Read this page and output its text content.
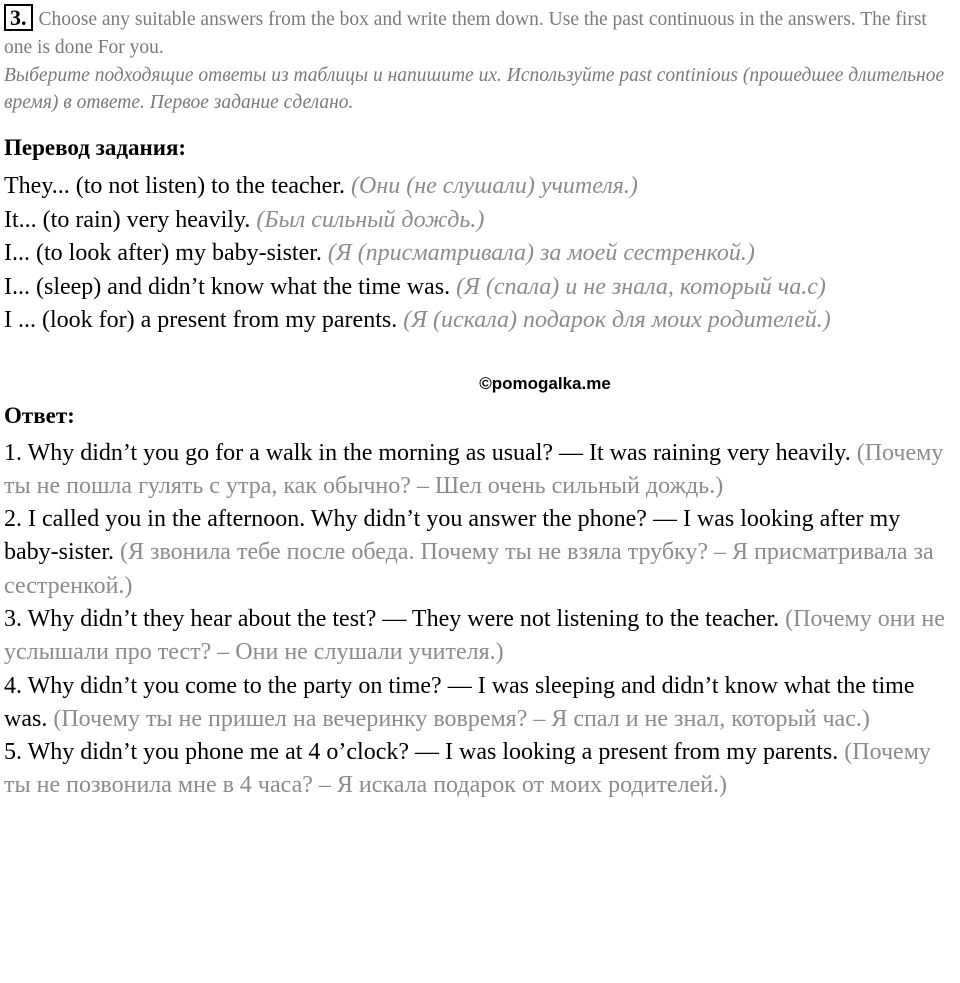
3. Choose any suitable answers from the box and write them down. Use the past continuous in the answers. The first one is done For you.
Выберите подходящие ответы из таблицы и напишите их. Используйте past continious (прошедшее длительное время) в ответе. Первое задание сделано.
Перевод задания:
They... (to not listen) to the teacher. (Они (не слушали) учителя.)
It... (to rain) very heavily. (Был сильный дождь.)
I... (to look after) my baby-sister. (Я (присматривала) за моей сестренкой.)
I... (sleep) and didn’t know what the time was. (Я (спала) и не знала, который ча.с)
I ... (look for) a present from my parents. (Я (искала) подарок для моих родителей.)
©pomogalka.me
Ответ:
1. Why didn’t you go for a walk in the morning as usual? — It was raining very heavily. (Почему ты не пошла гулять с утра, как обычно? – Шел очень сильный дождь.)
2. I called you in the afternoon. Why didn’t you answer the phone? — I was looking after my baby-sister. (Я звонила тебе после обеда. Почему ты не взяла трубку? – Я присматривала за сестренкой.)
3. Why didn’t they hear about the test? — They were not listening to the teacher. (Почему они не услышали про тест? – Они не слушали учителя.)
4. Why didn’t you come to the party on time? — I was sleeping and didn’t know what the time was. (Почему ты не пришел на вечеринку вовремя? – Я спал и не знал, который час.)
5. Why didn’t you phone me at 4 o’clock? — I was looking a present from my parents. (Почему ты не позвонила мне в 4 часа? – Я искала подарок от моих родителей.)
